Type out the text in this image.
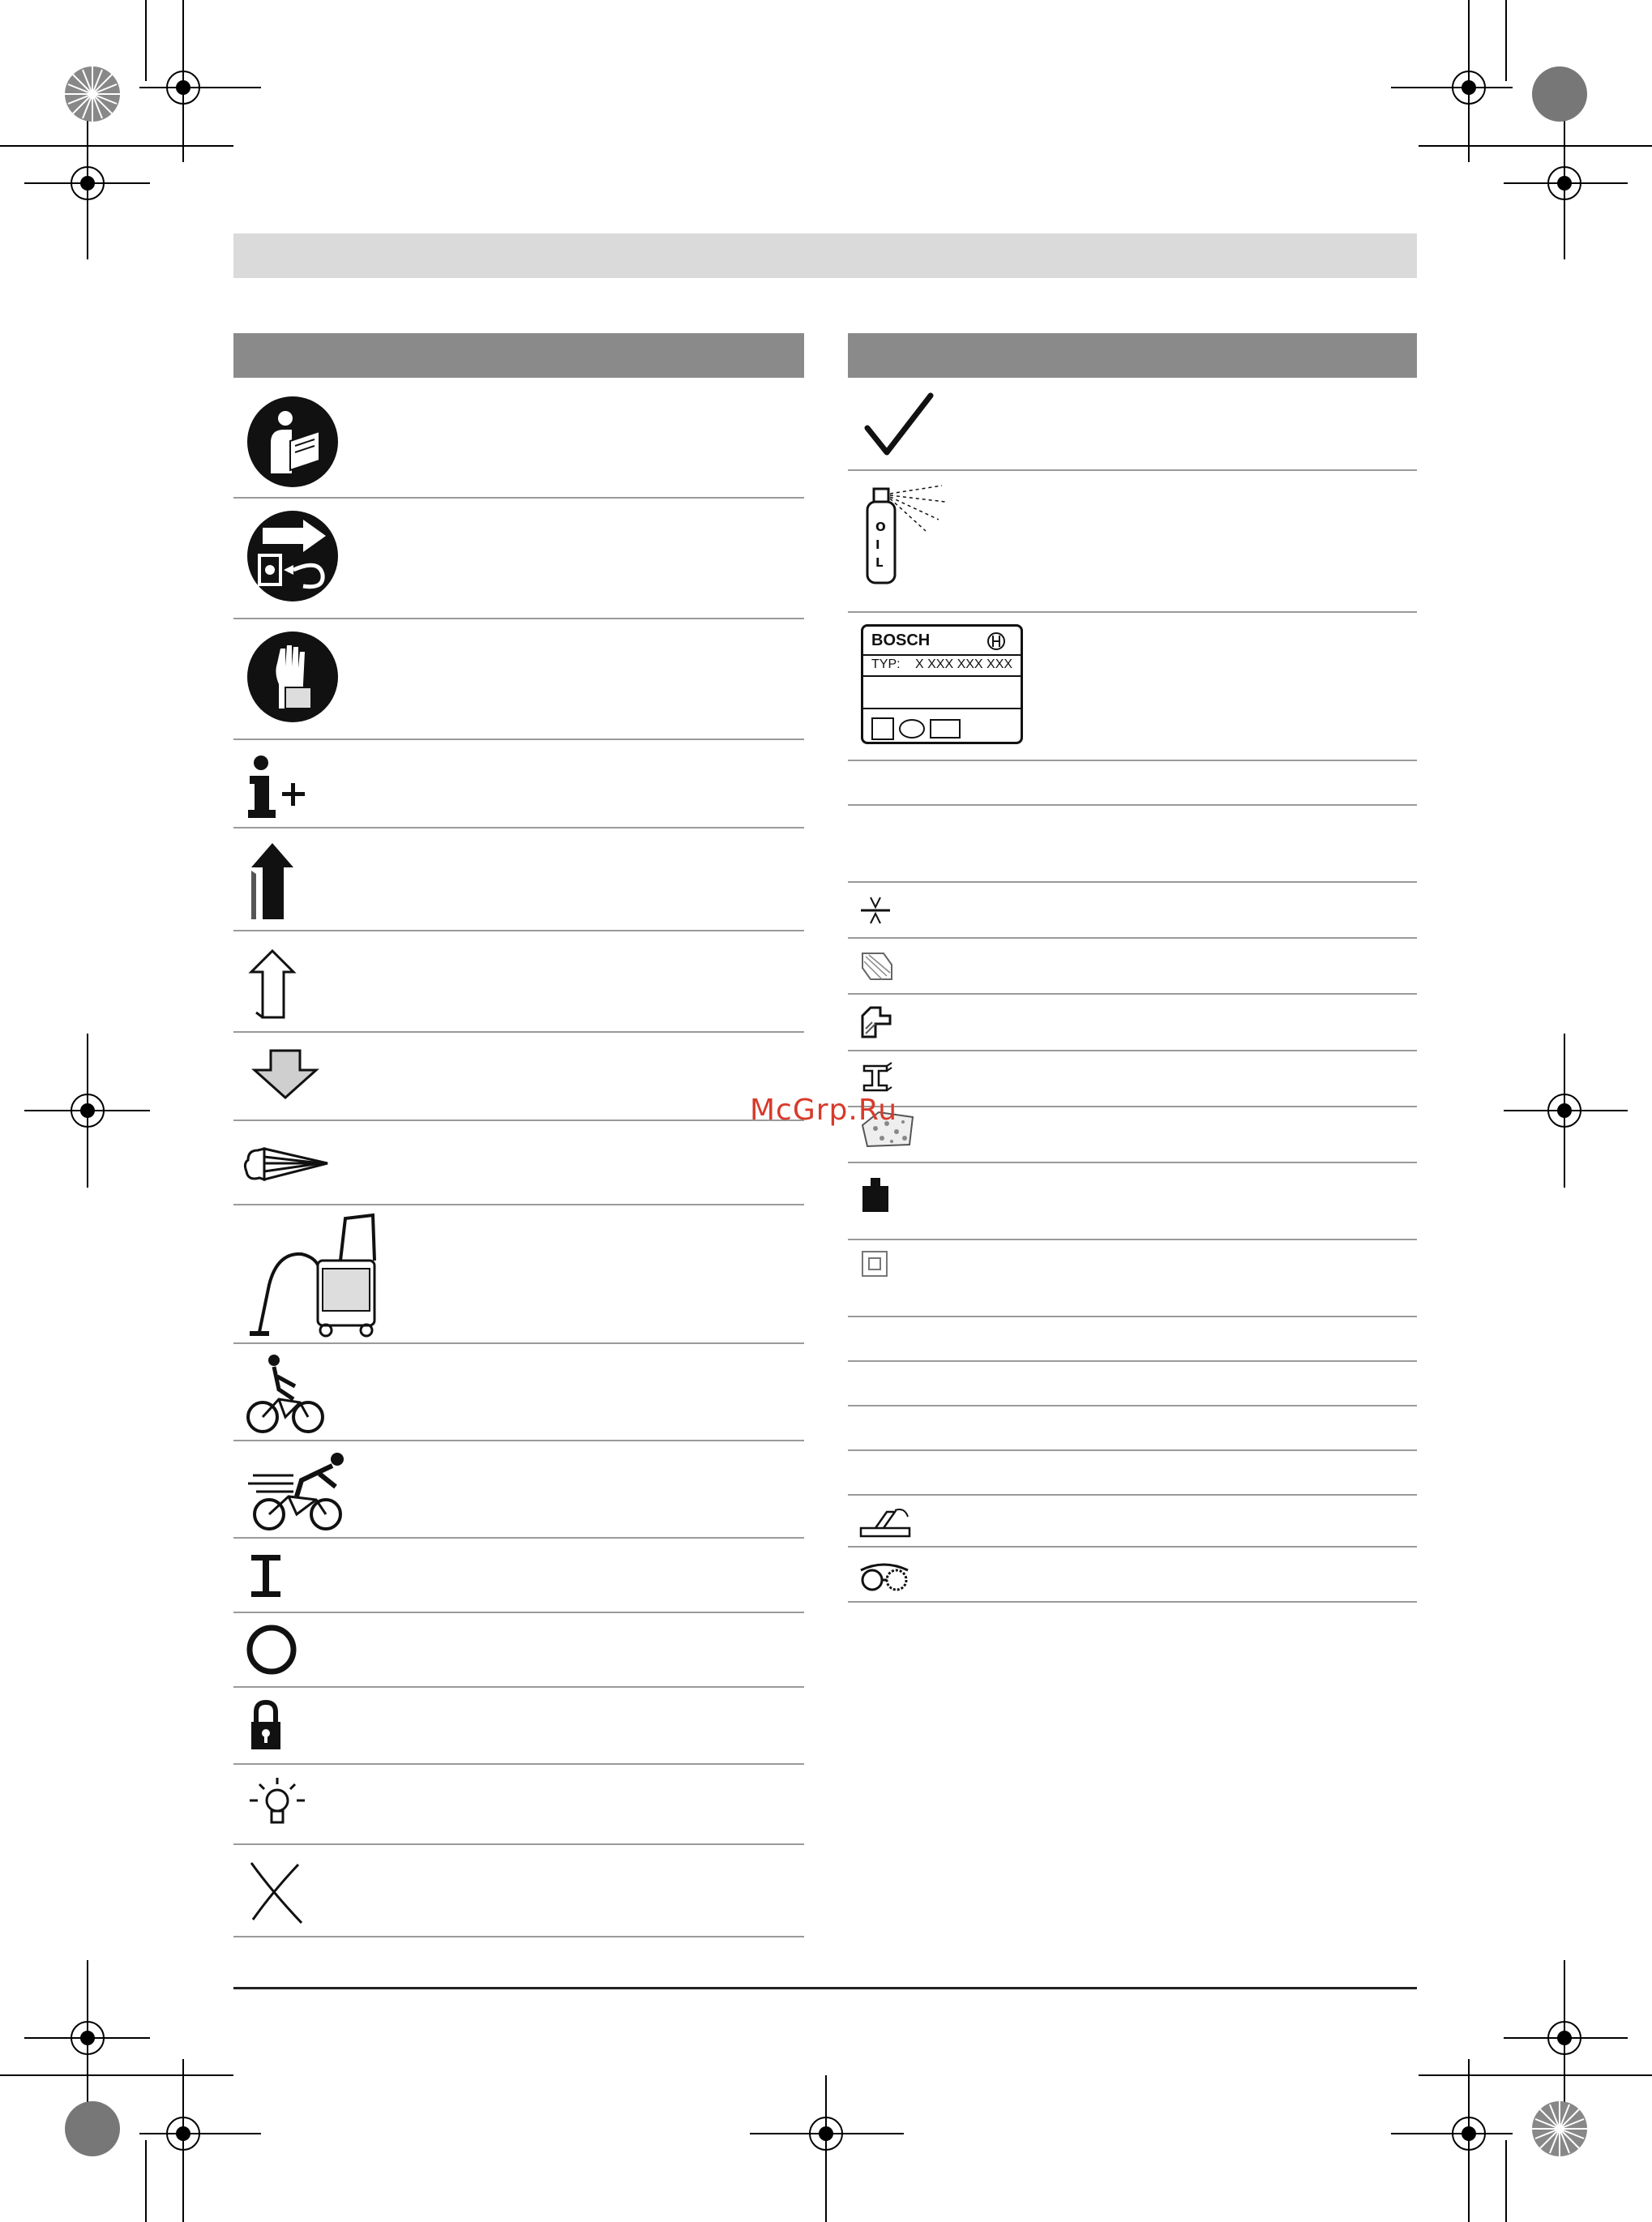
OIL
BOSCH
TYP: X XXX XXX XXX
McGrp.Ru
